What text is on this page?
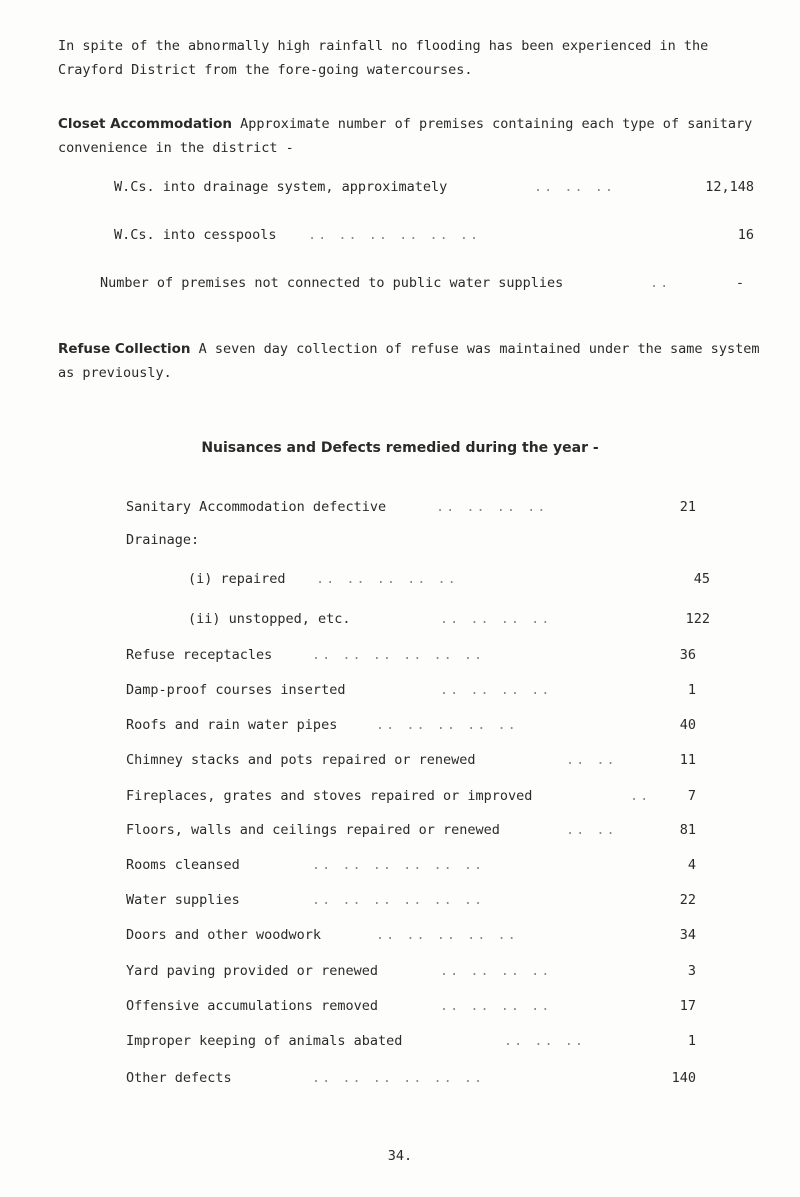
In spite of the abnormally high rainfall no flooding has been experienced in the Crayford District from the fore-going watercourses.

Closet Accommodation Approximate number of premises containing each type of sanitary convenience in the district -

W.Cs. into drainage system, approximately	.. .. ..	12,148
W.Cs. into cesspools .. .. .. .. .. ..	16
Number of premises not connected to public water supplies	..	-

Refuse Collection A seven day collection of refuse was maintained under the same system as previously.

Nuisances and Defects remedied during the year -
Sanitary Accommodation defective	.. .. .. ..	21
Drainage:
(i) repaired .. .. .. .. ..	45
(ii) unstopped, etc.	.. .. .. ..	122
Refuse receptacles	.. .. .. .. .. ..	36
Damp-proof courses inserted	.. .. .. ..	1
Roofs and rain water pipes	.. .. .. .. ..	40
Chimney stacks and pots repaired or renewed	.. ..	11
Fireplaces, grates and stoves repaired or improved	..	7
Floors, walls and ceilings repaired or renewed	.. ..	81
Rooms cleansed	.. .. .. .. .. ..	4
Water supplies	.. .. .. .. .. ..	22
Doors and other woodwork	.. .. .. .. ..	34
Yard paving provided or renewed	.. .. .. ..	3
Offensive accumulations removed	.. .. .. ..	17
Improper keeping of animals abated	.. .. ..	1
Other defects	.. .. .. .. .. ..	140
34.
